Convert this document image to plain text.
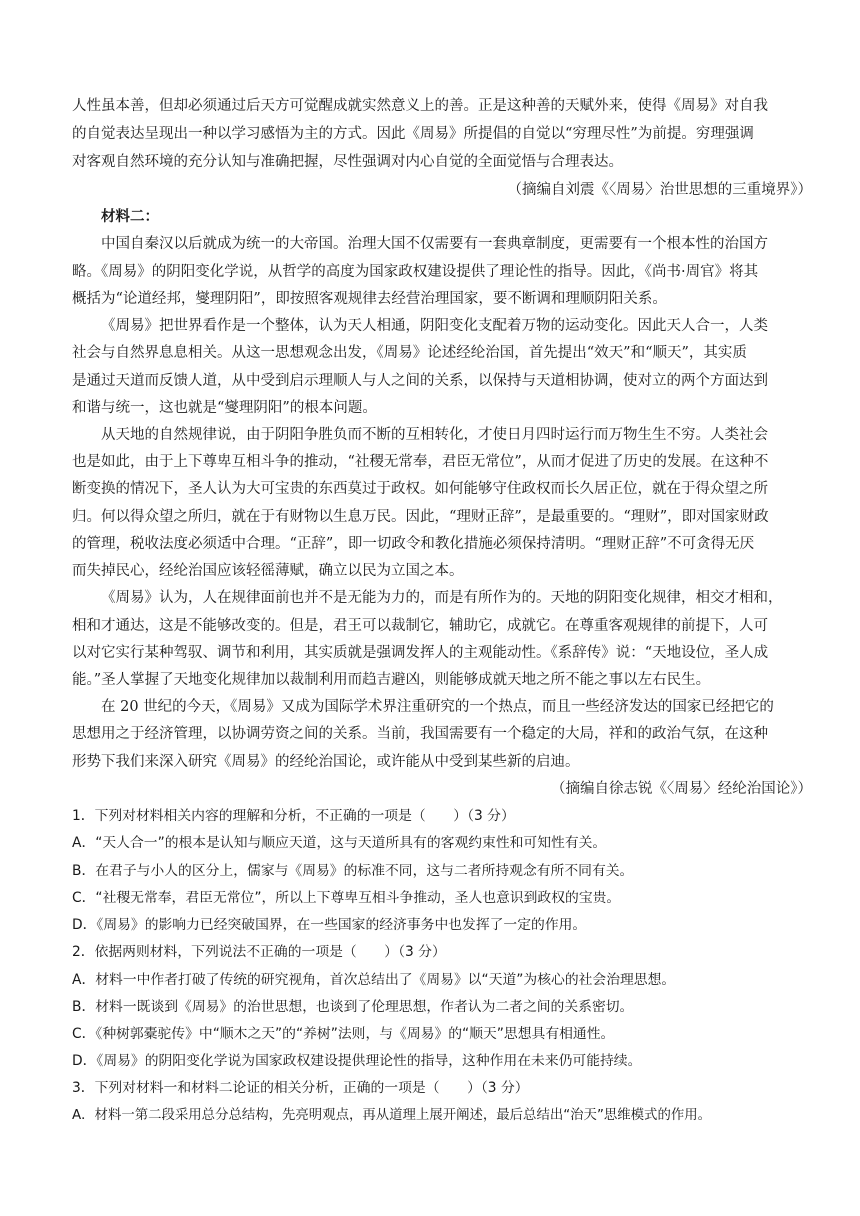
人性虽本善，但却必须通过后天方可觉醒成就实然意义上的善。正是这种善的天赋外来，使得《周易》对自我
的自觉表达呈现出一种以学习感悟为主的方式。因此《周易》所提倡的自觉以“穷理尽性”为前提。穷理强调
对客观自然环境的充分认知与准确把握，尽性强调对内心自觉的全面觉悟与合理表达。
（摘编自刘震《〈周易〉治世思想的三重境界》）
材料二：
中国自秦汉以后就成为统一的大帝国。治理大国不仅需要有一套典章制度，更需要有一个根本性的治国方
略。《周易》的阴阳变化学说，从哲学的高度为国家政权建设提供了理论性的指导。因此，《尚书·周官》将其
概括为“论道经邦，燮理阴阳”，即按照客观规律去经营治理国家，要不断调和理顺阴阳关系。
《周易》把世界看作是一个整体，认为天人相通，阴阳变化支配着万物的运动变化。因此天人合一，人类
社会与自然界息息相关。从这一思想观念出发，《周易》论述经纶治国，首先提出“效天”和“顺天”，其实质
是通过天道而反馈人道，从中受到启示理顺人与人之间的关系，以保持与天道相协调，使对立的两个方面达到
和谐与统一，这也就是“燮理阴阳”的根本问题。
从天地的自然规律说，由于阴阳争胜负而不断的互相转化，才使日月四时运行而万物生生不穷。人类社会
也是如此，由于上下尊卑互相斗争的推动，“社稷无常奉，君臣无常位”，从而才促进了历史的发展。在这种不
断变换的情况下，圣人认为大可宝贵的东西莫过于政权。如何能够守住政权而长久居正位，就在于得众望之所
归。何以得众望之所归，就在于有财物以生息万民。因此，“理财正辞”，是最重要的。“理财”，即对国家财政
的管理，税收法度必须适中合理。“正辞”，即一切政令和教化措施必须保持清明。“理财正辞”不可贪得无厌
而失掉民心，经纶治国应该轻徭薄赋，确立以民为立国之本。
《周易》认为，人在规律面前也并不是无能为力的，而是有所作为的。天地的阴阳变化规律，相交才相和，
相和才通达，这是不能够改变的。但是，君王可以裁制它，辅助它，成就它。在尊重客观规律的前提下，人可
以对它实行某种驾驭、调节和利用，其实质就是强调发挥人的主观能动性。《系辞传》说：“天地设位，圣人成
能。”圣人掌握了天地变化规律加以裁制利用而趋吉避凶，则能够成就天地之所不能之事以左右民生。
在 20 世纪的今天，《周易》又成为国际学术界注重研究的一个热点，而且一些经济发达的国家已经把它的
思想用之于经济管理，以协调劳资之间的关系。当前，我国需要有一个稳定的大局，祥和的政治气氛，在这种
形势下我们来深入研究《周易》的经纶治国论，或许能从中受到某些新的启迪。
（摘编自徐志锐《〈周易〉经纶治国论》）
1．下列对材料相关内容的理解和分析，不正确的一项是（　　）（3 分）
A．“天人合一”的根本是认知与顺应天道，这与天道所具有的客观约束性和可知性有关。
B．在君子与小人的区分上，儒家与《周易》的标准不同，这与二者所持观念有所不同有关。
C．“社稷无常奉，君臣无常位”，所以上下尊卑互相斗争推动，圣人也意识到政权的宝贵。
D．《周易》的影响力已经突破国界，在一些国家的经济事务中也发挥了一定的作用。
2．依据两则材料，下列说法不正确的一项是（　　）（3 分）
A．材料一中作者打破了传统的研究视角，首次总结出了《周易》以“天道”为核心的社会治理思想。
B．材料一既谈到《周易》的治世思想，也谈到了伦理思想，作者认为二者之间的关系密切。
C．《种树郭橐驼传》中“顺木之天”的“养树”法则，与《周易》的“顺天”思想具有相通性。
D．《周易》的阴阳变化学说为国家政权建设提供理论性的指导，这种作用在未来仍可能持续。
3．下列对材料一和材料二论证的相关分析，正确的一项是（　　）（3 分）
A．材料一第二段采用总分总结构，先亮明观点，再从道理上展开阐述，最后总结出“治天”思维模式的作用。
